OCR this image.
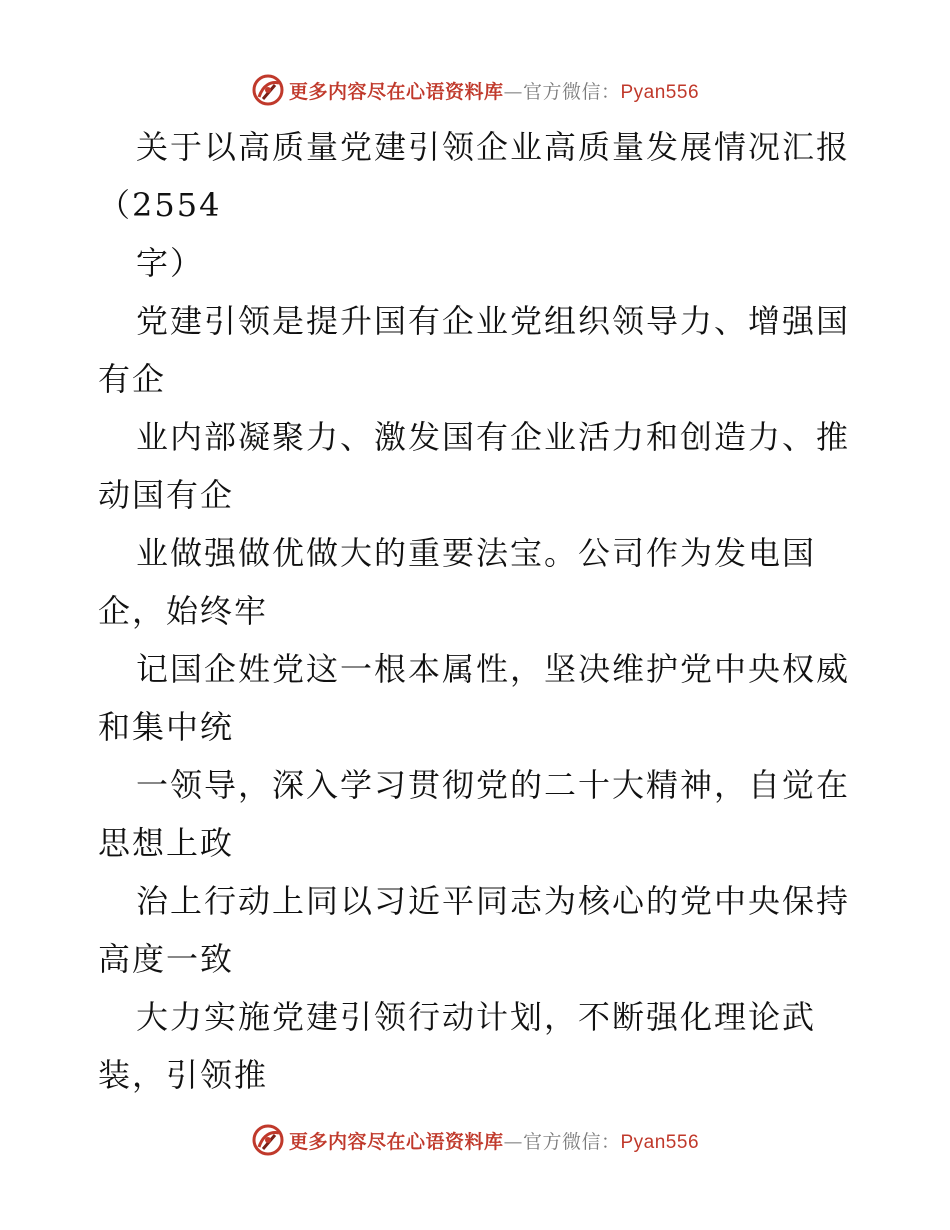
更多内容尽在心语资料库—官方微信：Pyan556
关于以高质量党建引领企业高质量发展情况汇报
（2554
字）
党建引领是提升国有企业党组织领导力、增强国
有企
业内部凝聚力、激发国有企业活力和创造力、推
动国有企
业做强做优做大的重要法宝。公司作为发电国
企，始终牢
记国企姓党这一根本属性，坚决维护党中央权威
和集中统
一领导，深入学习贯彻党的二十大精神，自觉在
思想上政
治上行动上同以习近平同志为核心的党中央保持
高度一致
大力实施党建引领行动计划，不断强化理论武
装，引领推
更多内容尽在心语资料库—官方微信：Pyan556
